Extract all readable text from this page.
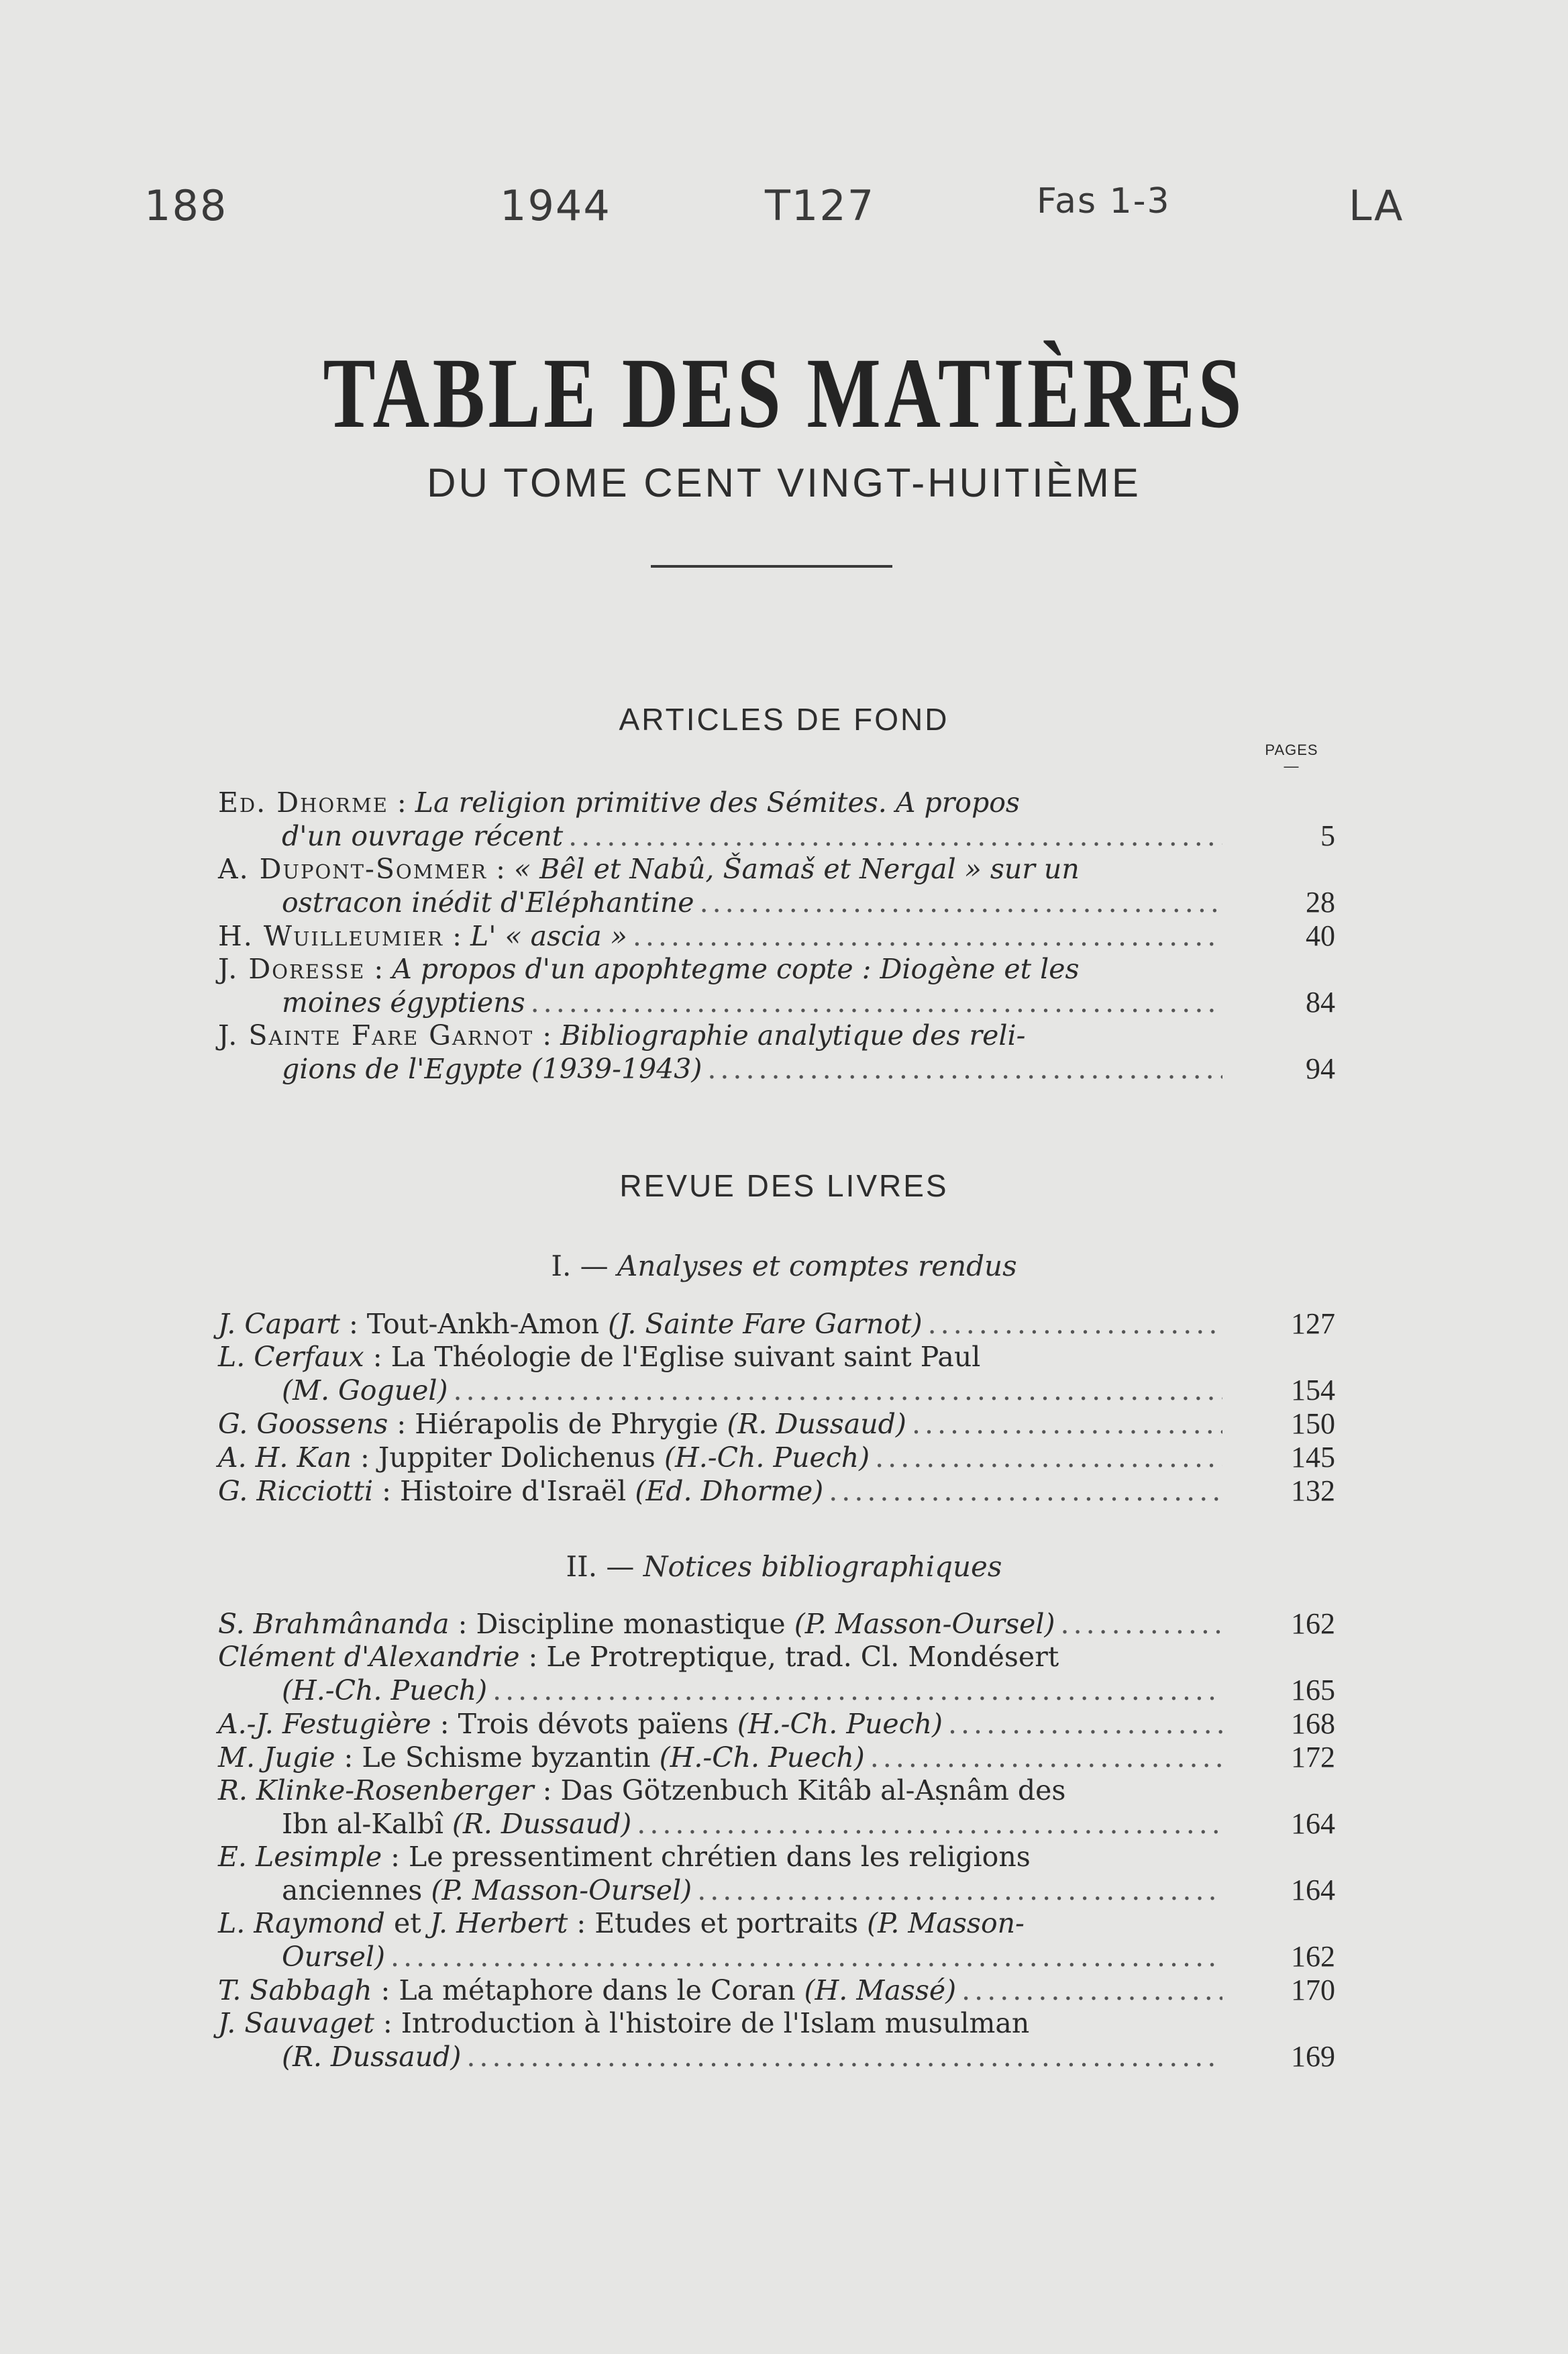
188	1944	T127	Fas 1-3	LA
TABLE DES MATIÈRES
DU TOME CENT VINGT-HUITIÈME
ARTICLES DE FOND
PAGES
—
Ed. Dhorme : La religion primitive des Sémites. A propos
d'un ouvrage récent .....	5
A. Dupont-Sommer : « Bêl et Nabû, Šamaš et Nergal » sur un
ostracon inédit d'Eléphantine .....	28
H. Wuilleumier : L' « ascia » .....	40
J. Doresse : A propos d'un apophtegme copte : Diogène et les
moines égyptiens .....	84
J. Sainte Fare Garnot : Bibliographie analytique des reli-
gions de l'Egypte (1939-1943) .....	94
REVUE DES LIVRES
I. — Analyses et comptes rendus
J. Capart : Tout-Ankh-Amon
(J. Sainte Fare Garnot) .....	127
L. Cerfaux : La Théologie de l'Eglise suivant saint Paul
(M. Goguel) .....	154
G. Goossens : Hiérapolis de Phrygie
(R. Dussaud) .....	150
A. H. Kan : Juppiter Dolichenus
(H.-Ch. Puech) .....	145
G. Ricciotti : Histoire d'Israël
(Ed. Dhorme) .....	132
II. — Notices bibliographiques
S. Brahmânanda : Discipline monastique
(P. Masson-Oursel) .....	162
Clément d'Alexandrie : Le Protreptique, trad. Cl. Mondésert
(H.-Ch. Puech) .....	165
A.-J. Festugière : Trois dévots païens
(H.-Ch. Puech) .....	168
M. Jugie : Le Schisme byzantin
(H.-Ch. Puech) .....	172
R. Klinke-Rosenberger : Das Götzenbuch Kitâb al-Aṣnâm des
Ibn al-Kalbî
(R. Dussaud) .....	164
E. Lesimple : Le pressentiment chrétien dans les religions
anciennes
(P. Masson-Oursel) .....	164
L. Raymond et J. Herbert : Etudes et portraits (P. Masson-
Oursel) .....	162
T. Sabbagh : La métaphore dans le Coran
(H. Massé) .....	170
J. Sauvaget : Introduction à l'histoire de l'Islam musulman
(R. Dussaud) .....	169
